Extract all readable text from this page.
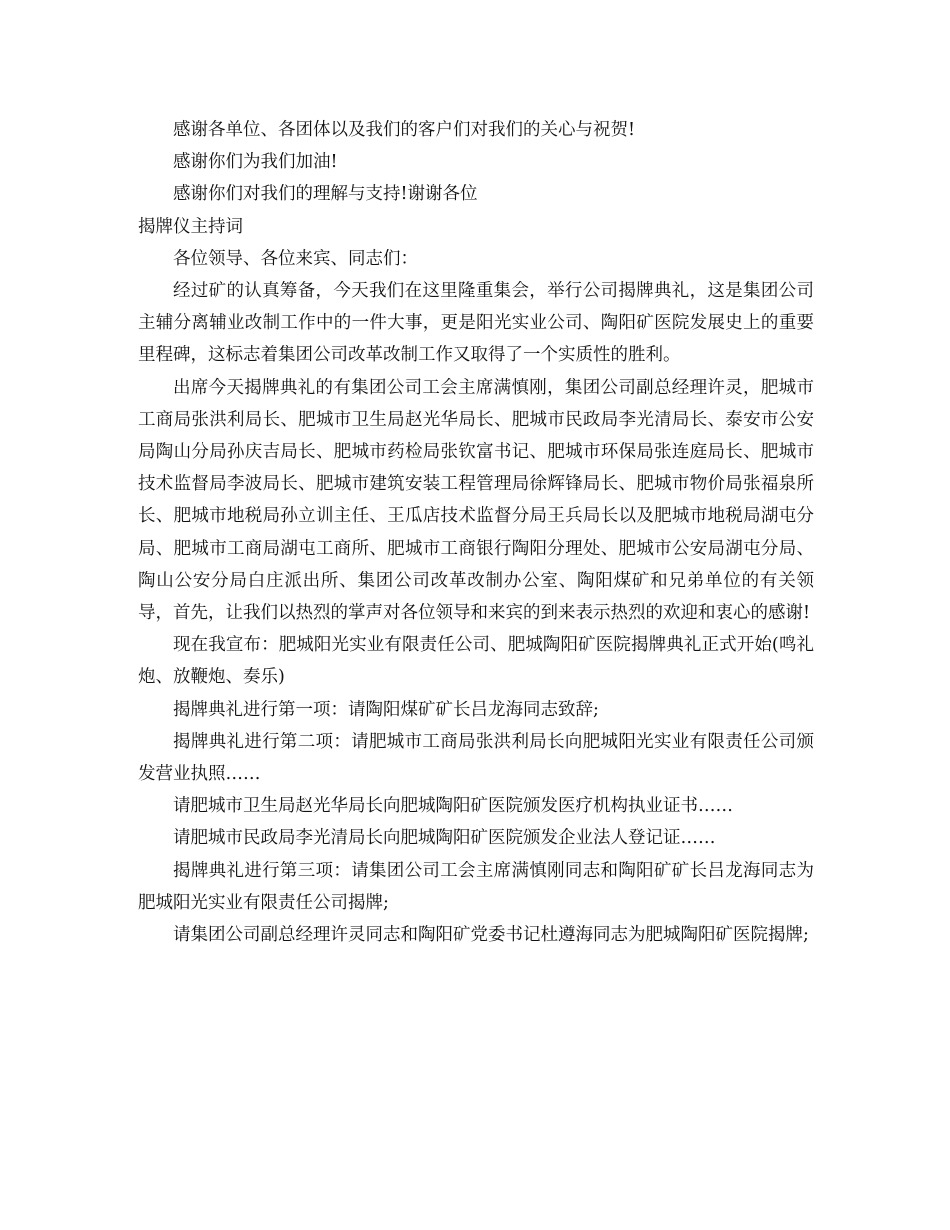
感谢各单位、各团体以及我们的客户们对我们的关心与祝贺!

感谢你们为我们加油!

感谢你们对我们的理解与支持!谢谢各位

揭牌仪主持词

各位领导、各位来宾、同志们：

经过矿的认真筹备，今天我们在这里隆重集会，举行公司揭牌典礼，这是集团公司主辅分离辅业改制工作中的一件大事，更是阳光实业公司、陶阳矿医院发展史上的重要里程碑，这标志着集团公司改革改制工作又取得了一个实质性的胜利。

出席今天揭牌典礼的有集团公司工会主席满慎刚，集团公司副总经理许灵，肥城市工商局张洪利局长、肥城市卫生局赵光华局长、肥城市民政局李光清局长、泰安市公安局陶山分局孙庆吉局长、肥城市药检局张钦富书记、肥城市环保局张连庭局长、肥城市技术监督局李波局长、肥城市建筑安装工程管理局徐辉锋局长、肥城市物价局张福泉所长、肥城市地税局孙立训主任、王瓜店技术监督分局王兵局长以及肥城市地税局湖屯分局、肥城市工商局湖屯工商所、肥城市工商银行陶阳分理处、肥城市公安局湖屯分局、陶山公安分局白庄派出所、集团公司改革改制办公室、陶阳煤矿和兄弟单位的有关领导，首先，让我们以热烈的掌声对各位领导和来宾的到来表示热烈的欢迎和衷心的感谢!

现在我宣布：肥城阳光实业有限责任公司、肥城陶阳矿医院揭牌典礼正式开始(鸣礼炮、放鞭炮、奏乐)

揭牌典礼进行第一项：请陶阳煤矿矿长吕龙海同志致辞;

揭牌典礼进行第二项：请肥城市工商局张洪利局长向肥城阳光实业有限责任公司颁发营业执照……

请肥城市卫生局赵光华局长向肥城陶阳矿医院颁发医疗机构执业证书……

请肥城市民政局李光清局长向肥城陶阳矿医院颁发企业法人登记证……

揭牌典礼进行第三项：请集团公司工会主席满慎刚同志和陶阳矿矿长吕龙海同志为肥城阳光实业有限责任公司揭牌;

请集团公司副总经理许灵同志和陶阳矿党委书记杜遵海同志为肥城陶阳矿医院揭牌;
